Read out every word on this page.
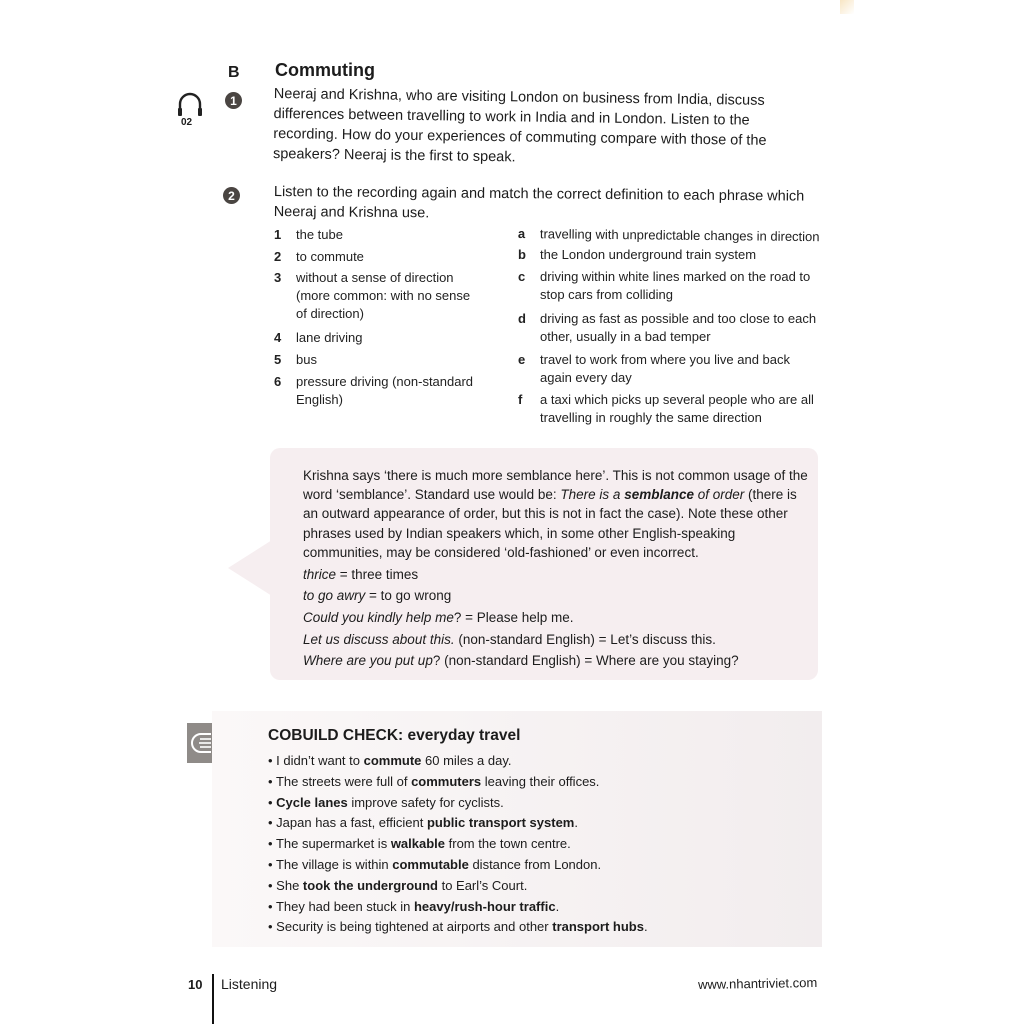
B Commuting
02
1	Neeraj and Krishna, who are visiting London on business from India, discuss differences between travelling to work in India and in London. Listen to the recording. How do your experiences of commuting compare with those of the speakers? Neeraj is the first to speak.
2	Listen to the recording again and match the correct definition to each phrase which Neeraj and Krishna use.
1	the tube
2	to commute
3	without a sense of direction (more common: with no sense of direction)
4	lane driving
5	bus
6	pressure driving (non-standard English)
a	travelling with unpredictable changes in direction
b	the London underground train system
c	driving within white lines marked on the road to stop cars from colliding
d	driving as fast as possible and too close to each other, usually in a bad temper
e	travel to work from where you live and back again every day
f	a taxi which picks up several people who are all travelling in roughly the same direction

Krishna says ‘there is much more semblance here’. This is not common usage of the word ‘semblance’. Standard use would be: There is a semblance of order (there is an outward appearance of order, but this is not in fact the case). Note these other phrases used by Indian speakers which, in some other English-speaking communities, may be considered ‘old-fashioned’ or even incorrect.

thrice = three times

to go awry = to go wrong

Could you kindly help me? = Please help me.

Let us discuss about this. (non-standard English) = Let’s discuss this.

Where are you put up? (non-standard English) = Where are you staying?

COBUILD CHECK: everyday travel
• I didn’t want to commute 60 miles a day.
• The streets were full of commuters leaving their offices.
• Cycle lanes improve safety for cyclists.
• Japan has a fast, efficient public transport system.
• The supermarket is walkable from the town centre.
• The village is within commutable distance from London.
• She took the underground to Earl’s Court.
• They had been stuck in heavy/rush-hour traffic.
• Security is being tightened at airports and other transport hubs.
10 Listening	www.nhantriviet.com
